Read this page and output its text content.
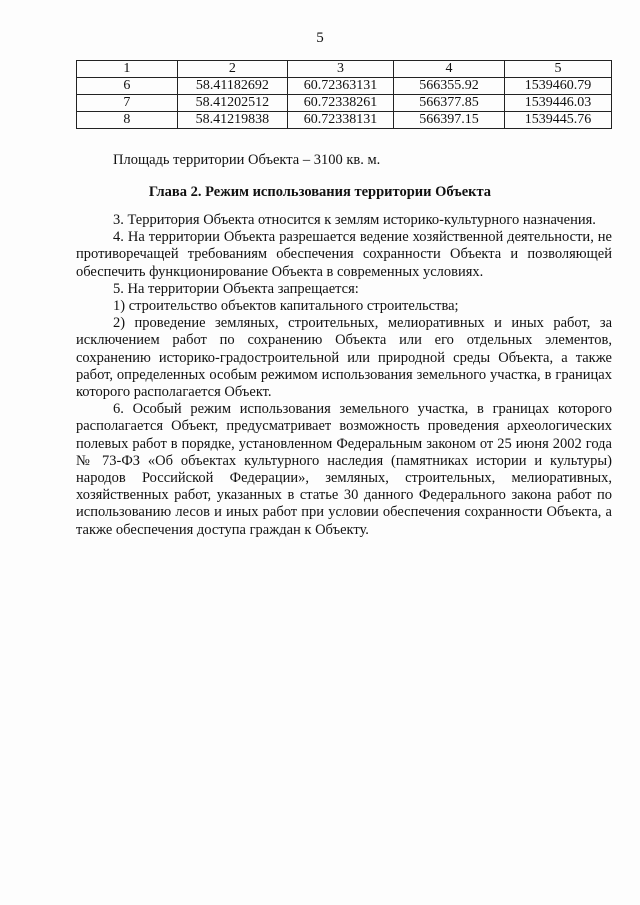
5
1	2	3	4	5
6	58.41182692	60.72363131	566355.92	1539460.79
7	58.41202512	60.72338261	566377.85	1539446.03
8	58.41219838	60.72338131	566397.15	1539445.76
Площадь территории Объекта – 3100 кв. м.
Глава 2. Режим использования территории Объекта

3. Территория Объекта относится к землям историко-культурного назначения.

4. На территории Объекта разрешается ведение хозяйственной деятельности, не противоречащей требованиям обеспечения сохранности Объекта и позволяющей обеспечить функционирование Объекта в современных условиях.

5. На территории Объекта запрещается:

1) строительство объектов капитального строительства;

2) проведение земляных, строительных, мелиоративных и иных работ, за исключением работ по сохранению Объекта или его отдельных элементов, сохранению историко-градостроительной или природной среды Объекта, а также работ, определенных особым режимом использования земельного участка, в границах которого располагается Объект.

6. Особый режим использования земельного участка, в границах которого располагается Объект, предусматривает возможность проведения археологических полевых работ в порядке, установленном Федеральным законом от 25 июня 2002 года № 73-ФЗ «Об объектах культурного наследия (памятниках истории и культуры) народов Российской Федерации», земляных, строительных, мелиоративных, хозяйственных работ, указанных в статье 30 данного Федерального закона работ по использованию лесов и иных работ при условии обеспечения сохранности Объекта, а также обеспечения доступа граждан к Объекту.
